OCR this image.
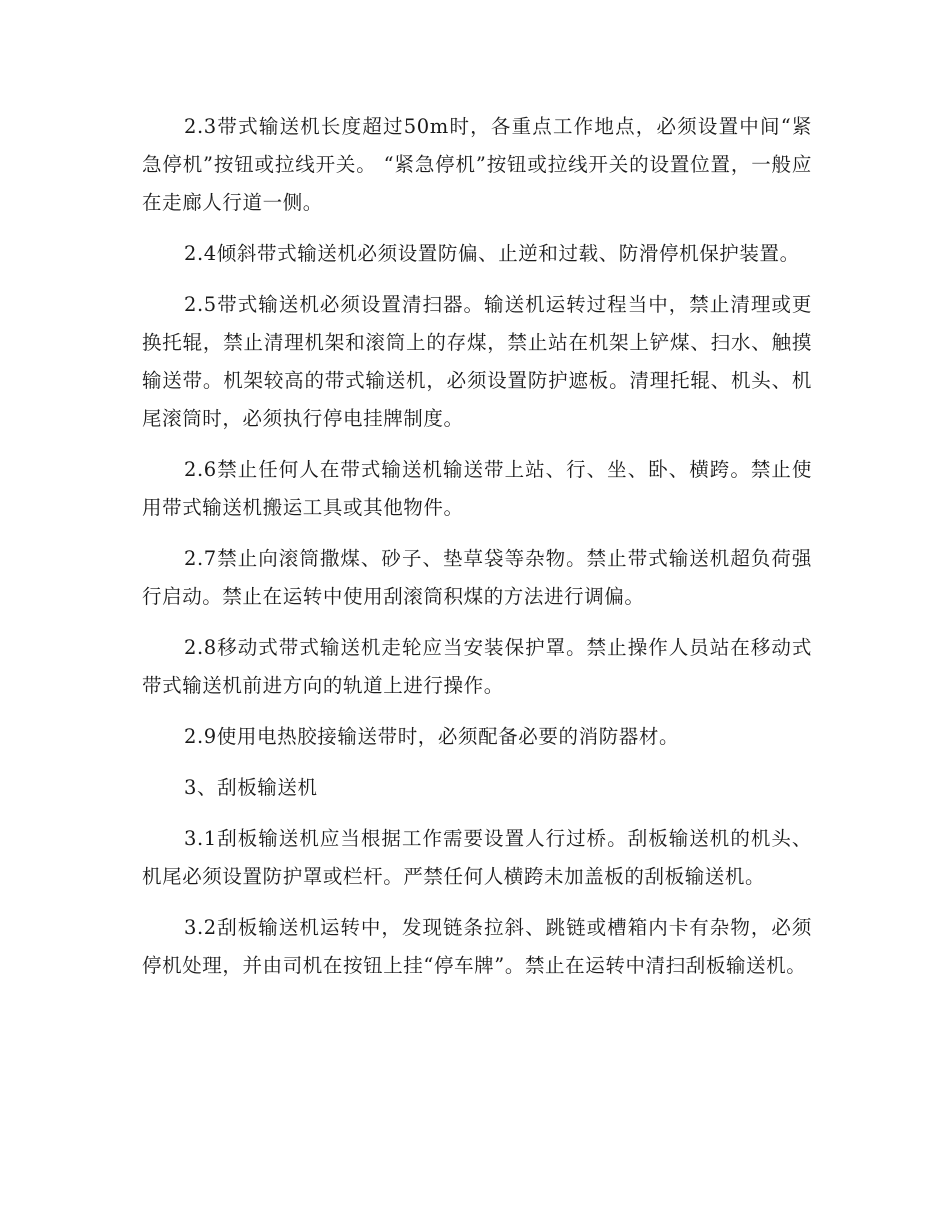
2.3带式输送机长度超过50m时，各重点工作地点，必须设置中间“紧急停机”按钮或拉线开关。 “紧急停机”按钮或拉线开关的设置位置，一般应在走廊人行道一侧。

2.4倾斜带式输送机必须设置防偏、止逆和过载、防滑停机保护装置。

2.5带式输送机必须设置清扫器。输送机运转过程当中，禁止清理或更换托辊，禁止清理机架和滚筒上的存煤，禁止站在机架上铲煤、扫水、触摸输送带。机架较高的带式输送机，必须设置防护遮板。清理托辊、机头、机尾滚筒时，必须执行停电挂牌制度。

2.6禁止任何人在带式输送机输送带上站、行、坐、卧、横跨。禁止使用带式输送机搬运工具或其他物件。

2.7禁止向滚筒撒煤、砂子、垫草袋等杂物。禁止带式输送机超负荷强行启动。禁止在运转中使用刮滚筒积煤的方法进行调偏。

2.8移动式带式输送机走轮应当安装保护罩。禁止操作人员站在移动式带式输送机前进方向的轨道上进行操作。

2.9使用电热胶接输送带时，必须配备必要的消防器材。

3、刮板输送机

3.1刮板输送机应当根据工作需要设置人行过桥。刮板输送机的机头、机尾必须设置防护罩或栏杆。严禁任何人横跨未加盖板的刮板输送机。

3.2刮板输送机运转中，发现链条拉斜、跳链或槽箱内卡有杂物，必须停机处理，并由司机在按钮上挂“停车牌”。禁止在运转中清扫刮板输送机。
